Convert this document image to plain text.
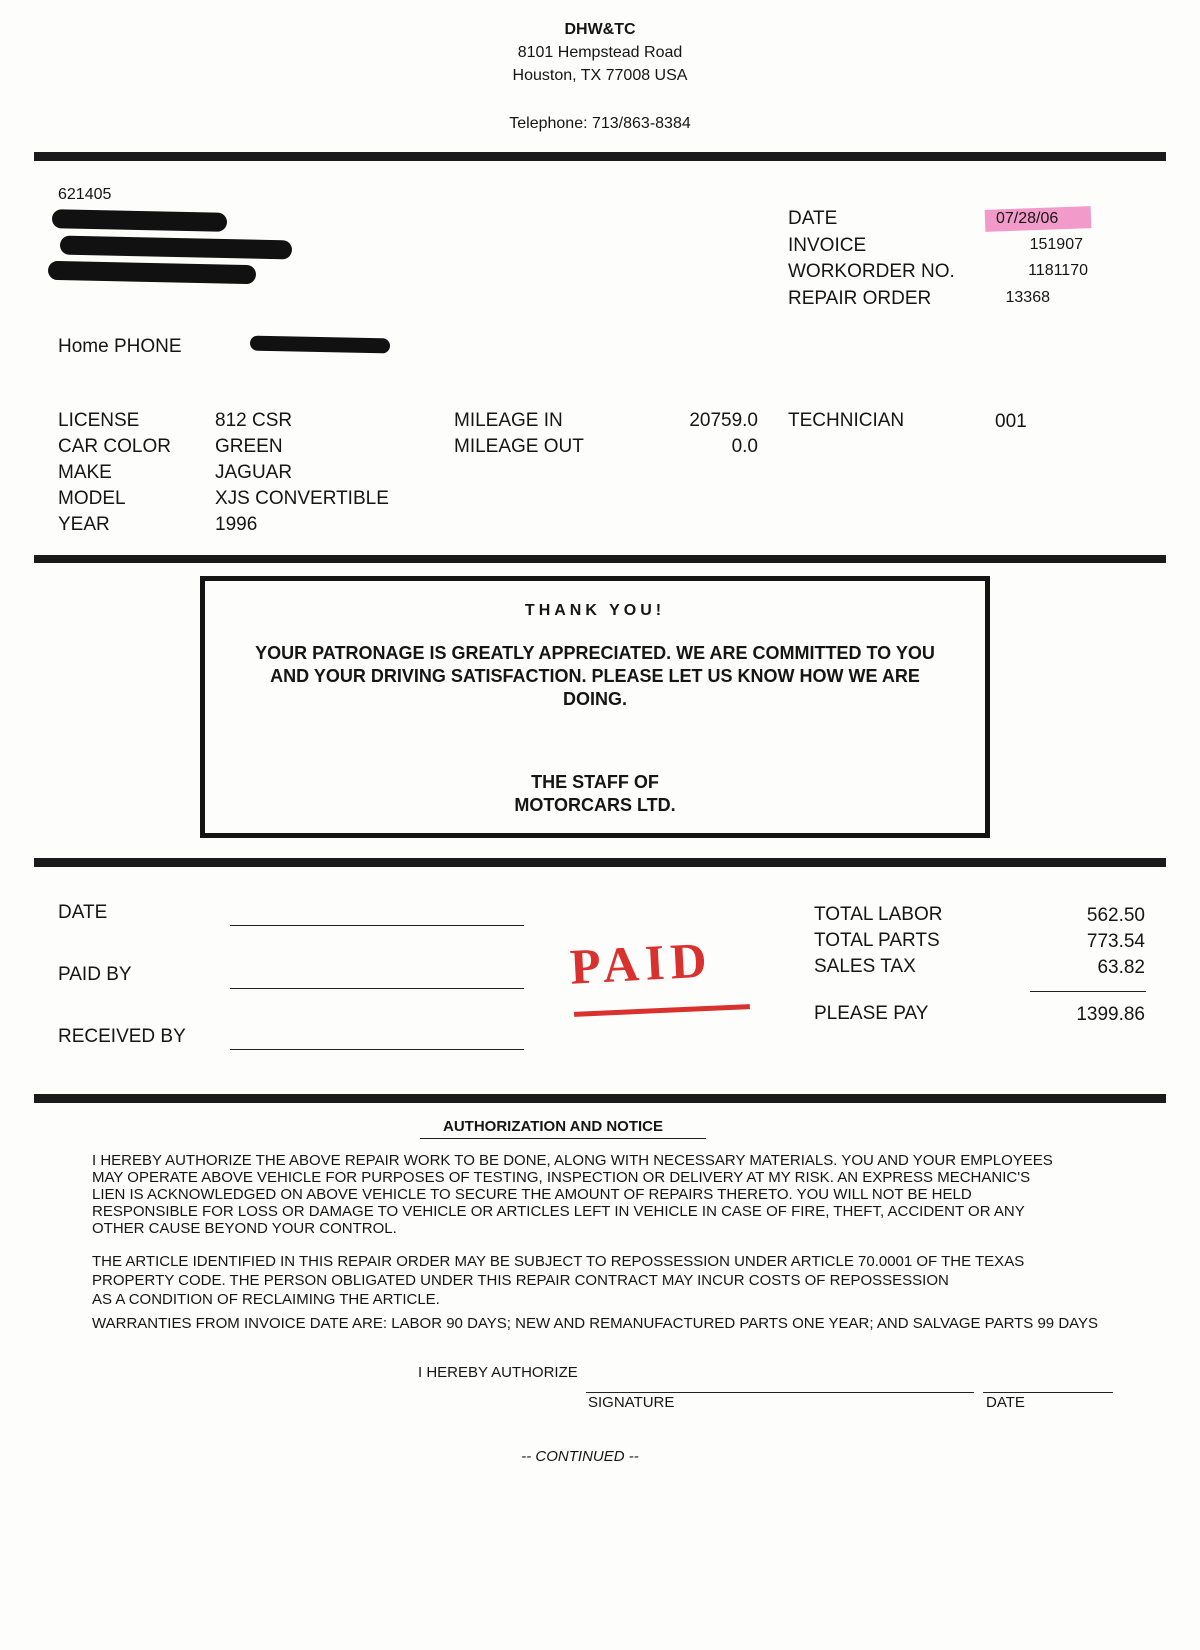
DHW&TC
8101 Hempstead Road
Houston, TX 77008 USA
Telephone: 713/863-8384
621405
Home PHONE
DATE	07/28/06
INVOICE	151907
WORKORDER NO.	1181170
REPAIR ORDER	13368
LICENSE	812 CSR
CAR COLOR GREEN
MAKE	JAGUAR
MODEL	XJS CONVERTIBLE
YEAR	1996
MILEAGE IN	20759.0
MILEAGE OUT	0.0
TECHNICIAN	001
THANK YOU!
YOUR PATRONAGE IS GREATLY APPRECIATED. WE ARE COMMITTED TO YOU
AND YOUR DRIVING SATISFACTION. PLEASE LET US KNOW HOW WE ARE
DOING.
THE STAFF OF
MOTORCARS LTD.
DATE
PAID BY
RECEIVED BY
PAID
TOTAL LABOR	562.50
TOTAL PARTS	773.54
SALES TAX	63.82
PLEASE PAY	1399.86
AUTHORIZATION AND NOTICE
I HEREBY AUTHORIZE THE ABOVE REPAIR WORK TO BE DONE, ALONG WITH NECESSARY MATERIALS. YOU AND YOUR EMPLOYEES
MAY OPERATE ABOVE VEHICLE FOR PURPOSES OF TESTING, INSPECTION OR DELIVERY AT MY RISK. AN EXPRESS MECHANIC'S
LIEN IS ACKNOWLEDGED ON ABOVE VEHICLE TO SECURE THE AMOUNT OF REPAIRS THERETO. YOU WILL NOT BE HELD
RESPONSIBLE FOR LOSS OR DAMAGE TO VEHICLE OR ARTICLES LEFT IN VEHICLE IN CASE OF FIRE, THEFT, ACCIDENT OR ANY
OTHER CAUSE BEYOND YOUR CONTROL.
THE ARTICLE IDENTIFIED IN THIS REPAIR ORDER MAY BE SUBJECT TO REPOSSESSION UNDER ARTICLE 70.0001 OF THE TEXAS
PROPERTY CODE. THE PERSON OBLIGATED UNDER THIS REPAIR CONTRACT MAY INCUR COSTS OF REPOSSESSION
AS A CONDITION OF RECLAIMING THE ARTICLE.
WARRANTIES FROM INVOICE DATE ARE: LABOR 90 DAYS; NEW AND REMANUFACTURED PARTS ONE YEAR; AND SALVAGE PARTS 99 DAYS
I HEREBY AUTHORIZE
SIGNATURE	DATE
-- CONTINUED --
